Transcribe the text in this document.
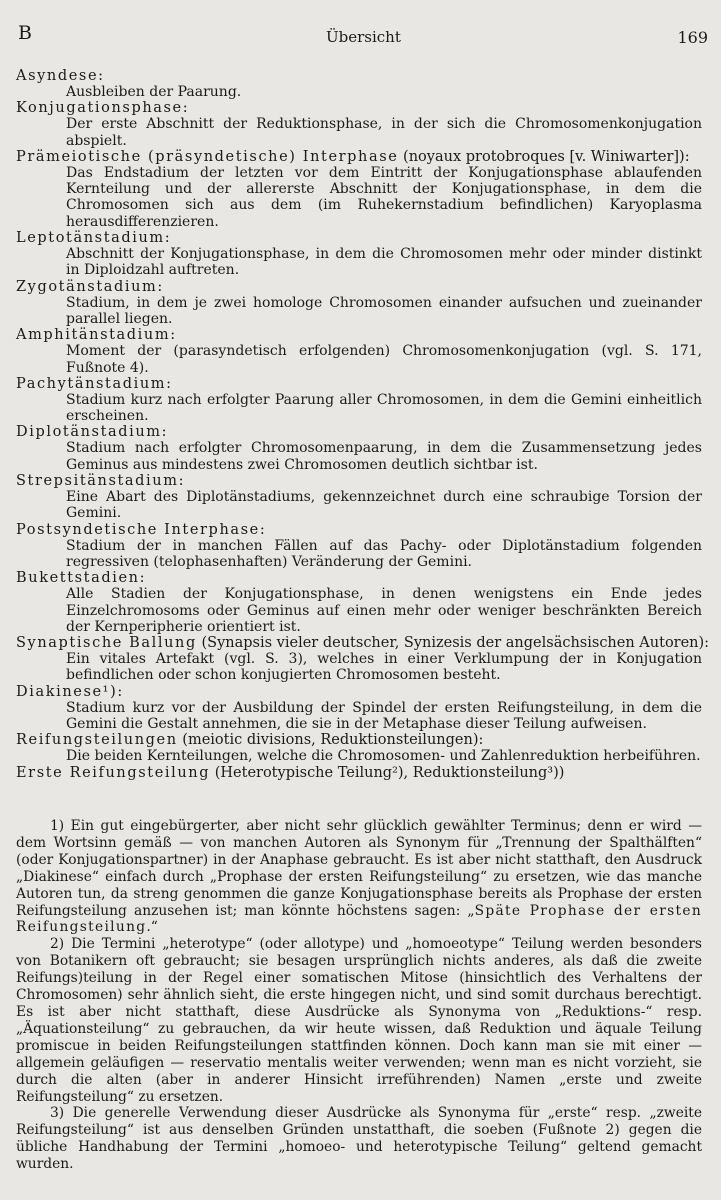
B	Übersicht	169
Asyndese:
Ausbleiben der Paarung.
Konjugationsphase:
Der erste Abschnitt der Reduktionsphase, in der sich die Chromosomenkonjugation abspielt.
Prämeiotische (präsyndetische) Interphase (noyaux protobroques [v. Winiwarter]):
Das Endstadium der letzten vor dem Eintritt der Konjugationsphase ablaufenden Kernteilung und der allererste Abschnitt der Konjugationsphase, in dem die Chromosomen sich aus dem (im Ruhekernstadium befindlichen) Karyoplasma herausdifferenzieren.
Leptotänstadium:
Abschnitt der Konjugationsphase, in dem die Chromosomen mehr oder minder distinkt in Diploidzahl auftreten.
Zygotänstadium:
Stadium, in dem je zwei homologe Chromosomen einander aufsuchen und zueinander parallel liegen.
Amphitänstadium:
Moment der (parasyndetisch erfolgenden) Chromosomenkonjugation (vgl. S. 171, Fußnote 4).
Pachytänstadium:
Stadium kurz nach erfolgter Paarung aller Chromosomen, in dem die Gemini einheitlich erscheinen.
Diplotänstadium:
Stadium nach erfolgter Chromosomenpaarung, in dem die Zusammensetzung jedes Geminus aus mindestens zwei Chromosomen deutlich sichtbar ist.
Strepsitänstadium:
Eine Abart des Diplotänstadiums, gekennzeichnet durch eine schraubige Torsion der Gemini.
Postsyndetische Interphase:
Stadium der in manchen Fällen auf das Pachy- oder Diplotänstadium folgenden regressiven (telophasenhaften) Veränderung der Gemini.
Bukettstadien:
Alle Stadien der Konjugationsphase, in denen wenigstens ein Ende jedes Einzelchromosoms oder Geminus auf einen mehr oder weniger beschränkten Bereich der Kernperipherie orientiert ist.
Synaptische Ballung (Synapsis vieler deutscher, Synizesis der angelsächsischen Autoren):
Ein vitales Artefakt (vgl. S. 3), welches in einer Verklumpung der in Konjugation befindlichen oder schon konjugierten Chromosomen besteht.
Diakinese¹):
Stadium kurz vor der Ausbildung der Spindel der ersten Reifungsteilung, in dem die Gemini die Gestalt annehmen, die sie in der Metaphase dieser Teilung aufweisen.
Reifungsteilungen (meiotic divisions, Reduktionsteilungen):
Die beiden Kernteilungen, welche die Chromosomen- und Zahlenreduktion herbeiführen.
Erste Reifungsteilung (Heterotypische Teilung²), Reduktionsteilung³))

1) Ein gut eingebürgerter, aber nicht sehr glücklich gewählter Terminus; denn er wird — dem Wortsinn gemäß — von manchen Autoren als Synonym für „Trennung der Spalthälften“ (oder Konjugationspartner) in der Anaphase gebraucht. Es ist aber nicht statthaft, den Ausdruck „Diakinese“ einfach durch „Prophase der ersten Reifungsteilung“ zu ersetzen, wie das manche Autoren tun, da streng genommen die ganze Konjugationsphase bereits als Prophase der ersten Reifungsteilung anzusehen ist; man könnte höchstens sagen: „Späte Prophase der ersten Reifungsteilung.“

2) Die Termini „heterotype“ (oder allotype) und „homoeotype“ Teilung werden besonders von Botanikern oft gebraucht; sie besagen ursprünglich nichts anderes, als daß die zweite Reifungs)teilung in der Regel einer somatischen Mitose (hinsichtlich des Verhaltens der Chromosomen) sehr ähnlich sieht, die erste hingegen nicht, und sind somit durchaus berechtigt. Es ist aber nicht statthaft, diese Ausdrücke als Synonyma von „Reduktions-“ resp. „Äquationsteilung“ zu gebrauchen, da wir heute wissen, daß Reduktion und äquale Teilung promiscue in beiden Reifungsteilungen stattfinden können. Doch kann man sie mit einer — allgemein geläufigen — reservatio mentalis weiter verwenden; wenn man es nicht vorzieht, sie durch die alten (aber in anderer Hinsicht irreführenden) Namen „erste und zweite Reifungsteilung“ zu ersetzen.

3) Die generelle Verwendung dieser Ausdrücke als Synonyma für „erste“ resp. „zweite Reifungsteilung“ ist aus denselben Gründen unstatthaft, die soeben (Fußnote 2) gegen die übliche Handhabung der Termini „homoeo- und heterotypische Teilung“ geltend gemacht wurden.
